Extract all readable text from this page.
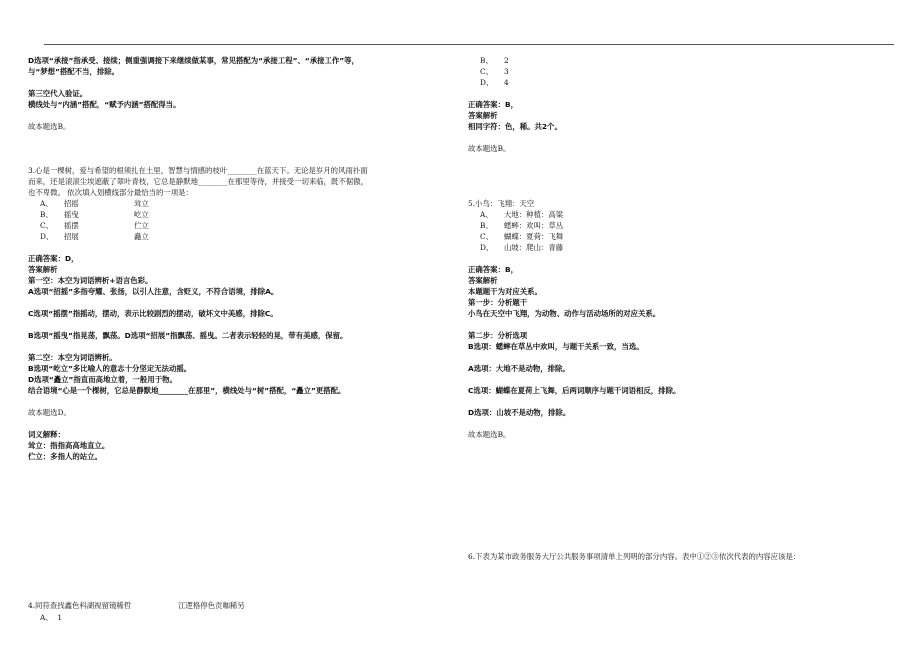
D选项“承接”指承受、接续；侧重强调接下来继续做某事，常见搭配为“承接工程”、“承接工作”等，
与“梦想”搭配不当，排除。
第三空代入验证。
横线处与“内涵”搭配，“赋予内涵”搭配得当。
故本题选B。
3.心是一棵树，爱与希望的根须扎在土里，智慧与情感的枝叶________在蓝天下。无论是岁月的风雨扑面
而来，还是滚滚尘埃遮蔽了翠叶青枝，它总是静默地________在那里等待，并接受一切来临，既不倨傲，
也不卑微。 依次填入划横线部分最恰当的一项是：
A、 招摇	耸立
B、 摇曳	屹立
C、 摇摆	伫立
D、 招展	矗立
正确答案：D，
答案解析
第一空：本空为词语辨析+语言色彩。
A选项“招摇”多指夸耀、张扬，以引人注意，含贬义，不符合语境，排除A。
C选项“摇摆”指摇动，摆动，表示比较剧烈的摆动，破坏文中美感，排除C。
B选项“摇曳”指晃荡，飘荡。D选项“招展”指飘荡、摇曳。二者表示轻轻的晃，带有美感，保留。
第二空：本空为词语辨析。
B选项“屹立”多比喻人的意志十分坚定无法动摇。
D选项“矗立”指直而高地立着，一般用于物。
结合语境“心是一个棵树，它总是静默地________在那里”，横线处与“树”搭配，“矗立”更搭配。
故本题选D。
词义解释：
耸立：指指高高地直立。
伫立：多指人的站立。
4.同符查找鑫色科湖视留镜稀哲                    江逻格停色贡咖稀另
A、  1
B、 2
C、 3
D、 4
正确答案：B，
答案解析
相同字符：色，稀。共2个。
故本题选B。
5.小鸟：飞翔：天空
A、 大地：种植：高粱
B、 蟋蟀：欢叫：草丛
C、 蝴蝶：夏荷：飞舞
D、 山坡：爬山：青藤
正确答案：B，
答案解析
本题题干为对应关系。
第一步：分析题干
小鸟在天空中飞翔，为动物、动作与活动场所的对应关系。
第二步：分析选项
B选项：蟋蟀在草丛中欢叫，与题干关系一致，当选。
A选项：大地不是动物，排除。
C选项：蝴蝶在夏荷上飞舞，后两词顺序与题干词语相反，排除。
D选项：山坡不是动物，排除。
故本题选B。
6.下表为某市政务服务大厅公共服务事项清单上列明的部分内容。表中①②③依次代表的内容应该是：
